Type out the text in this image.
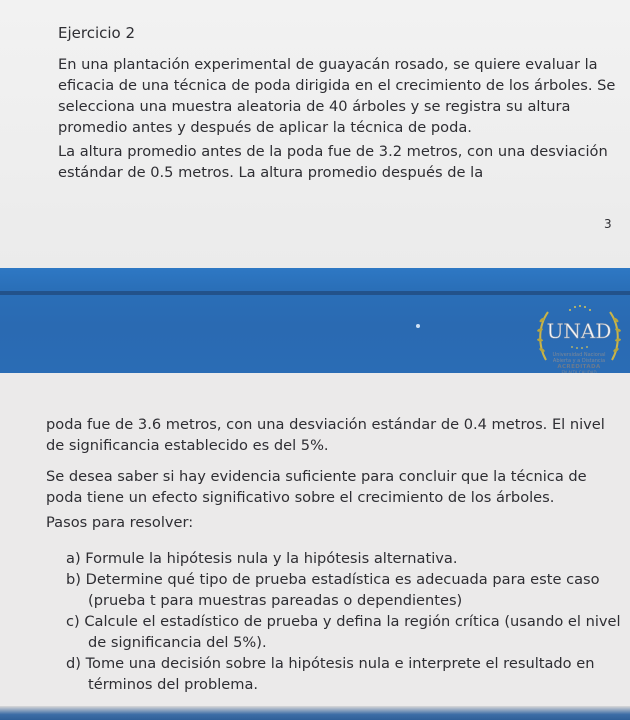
Ejercicio 2

En una plantación experimental de guayacán rosado, se quiere evaluar la eficacia de una técnica de poda dirigida en el crecimiento de los árboles. Se selecciona una muestra aleatoria de 40 árboles y se registra su altura promedio antes y después de aplicar la técnica de poda.

La altura promedio antes de la poda fue de 3.2 metros, con una desviación estándar de 0.5 metros. La altura promedio después de la

3
UNAD

Universidad Nacional

Abierta y a Distancia

ACREDITADA

poda fue de 3.6 metros, con una desviación estándar de 0.4 metros. El nivel de significancia establecido es del 5%.

Se desea saber si hay evidencia suficiente para concluir que la técnica de poda tiene un efecto significativo sobre el crecimiento de los árboles.

Pasos para resolver:

a) Formule la hipótesis nula y la hipótesis alternativa.

b) Determine qué tipo de prueba estadística es adecuada para este caso (prueba t para muestras pareadas o dependientes)

c) Calcule el estadístico de prueba y defina la región crítica (usando el nivel de significancia del 5%).

d) Tome una decisión sobre la hipótesis nula e interprete el resultado en términos del problema.
